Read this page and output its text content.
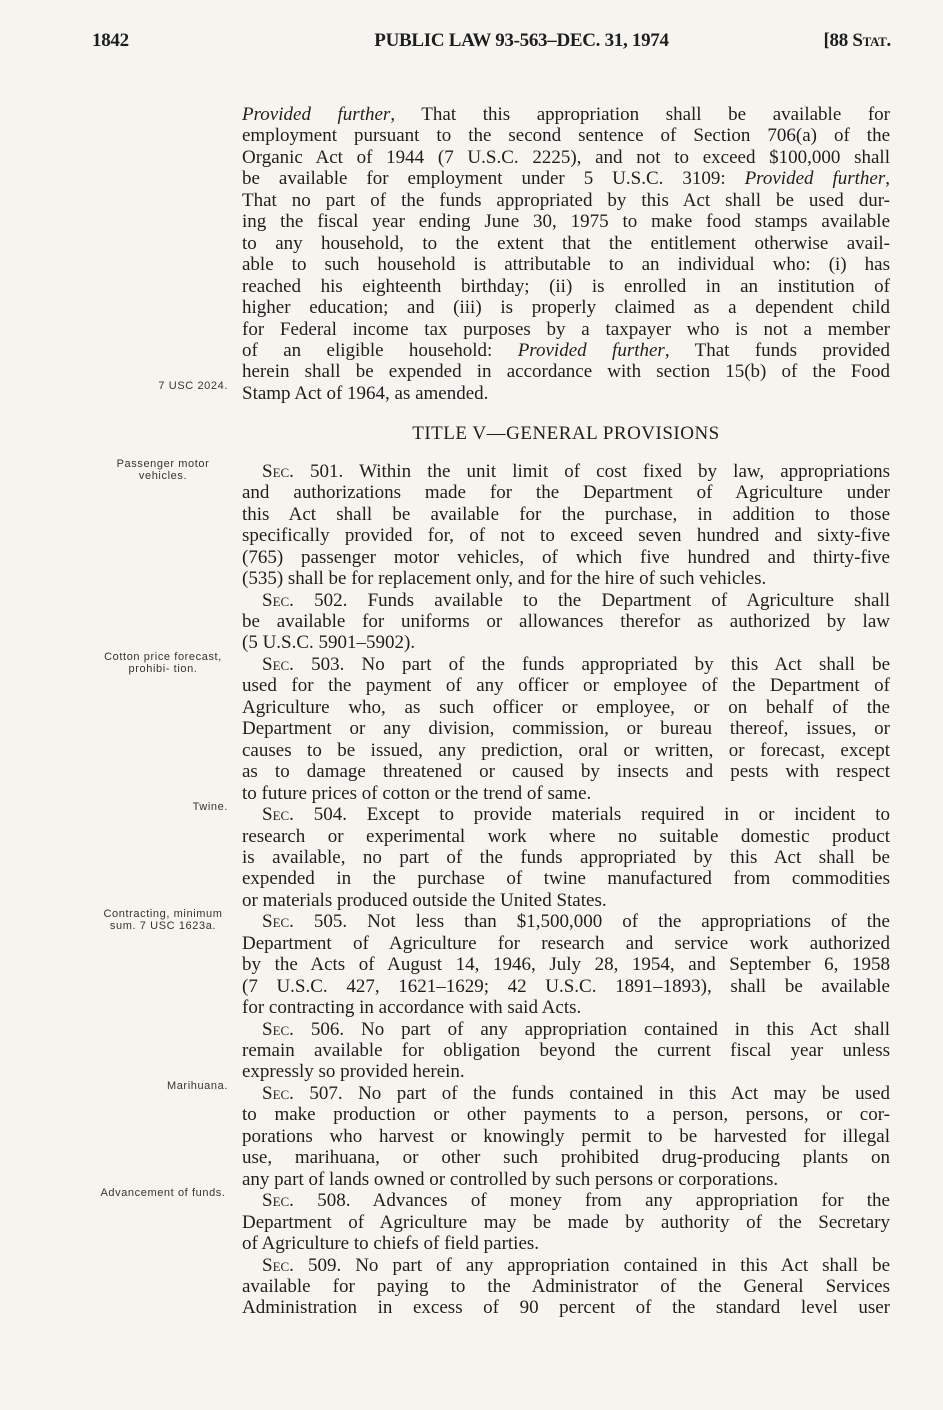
1842	PUBLIC LAW 93-563–DEC. 31, 1974	[88 Stat.
Provided further, That this appropriation shall be available for
employment pursuant to the second sentence of Section 706(a) of the
Organic Act of 1944 (7 U.S.C. 2225), and not to exceed $100,000 shall
be available for employment under 5 U.S.C. 3109: Provided further,
That no part of the funds appropriated by this Act shall be used dur-
ing the fiscal year ending June 30, 1975 to make food stamps available
to any household, to the extent that the entitlement otherwise avail-
able to such household is attributable to an individual who: (i) has
reached his eighteenth birthday; (ii) is enrolled in an institution of
higher education; and (iii) is properly claimed as a dependent child
for Federal income tax purposes by a taxpayer who is not a member
of an eligible household: Provided further, That funds provided
herein shall be expended in accordance with section 15(b) of the Food
Stamp Act of 1964, as amended.
7 USC 2024.
TITLE V—GENERAL PROVISIONS
Sec. 501. Within the unit limit of cost fixed by law, appropriations
Passenger motor vehicles.
and authorizations made for the Department of Agriculture under
this Act shall be available for the purchase, in addition to those
specifically provided for, of not to exceed seven hundred and sixty-five
(765) passenger motor vehicles, of which five hundred and thirty-five
(535) shall be for replacement only, and for the hire of such vehicles.
Sec. 502. Funds available to the Department of Agriculture shall
be available for uniforms or allowances therefor as authorized by law
(5 U.S.C. 5901–5902).
Sec. 503. No part of the funds appropriated by this Act shall be
Cotton price forecast, prohibi- tion.
used for the payment of any officer or employee of the Department of
Agriculture who, as such officer or employee, or on behalf of the
Department or any division, commission, or bureau thereof, issues, or
causes to be issued, any prediction, oral or written, or forecast, except
as to damage threatened or caused by insects and pests with respect
to future prices of cotton or the trend of same.
Sec. 504. Except to provide materials required in or incident to
Twine.
research or experimental work where no suitable domestic product
is available, no part of the funds appropriated by this Act shall be
expended in the purchase of twine manufactured from commodities
or materials produced outside the United States.
Sec. 505. Not less than $1,500,000 of the appropriations of the
Contracting, minimum sum. 7 USC 1623a.
Department of Agriculture for research and service work authorized
by the Acts of August 14, 1946, July 28, 1954, and September 6, 1958
(7 U.S.C. 427, 1621–1629; 42 U.S.C. 1891–1893), shall be available
for contracting in accordance with said Acts.
Sec. 506. No part of any appropriation contained in this Act shall
remain available for obligation beyond the current fiscal year unless
expressly so provided herein.
Sec. 507. No part of the funds contained in this Act may be used
Marihuana.
to make production or other payments to a person, persons, or cor-
porations who harvest or knowingly permit to be harvested for illegal
use, marihuana, or other such prohibited drug-producing plants on
any part of lands owned or controlled by such persons or corporations.
Sec. 508. Advances of money from any appropriation for the
Advancement of funds.
Department of Agriculture may be made by authority of the Secretary
of Agriculture to chiefs of field parties.
Sec. 509. No part of any appropriation contained in this Act shall be
available for paying to the Administrator of the General Services
Administration in excess of 90 percent of the standard level user
